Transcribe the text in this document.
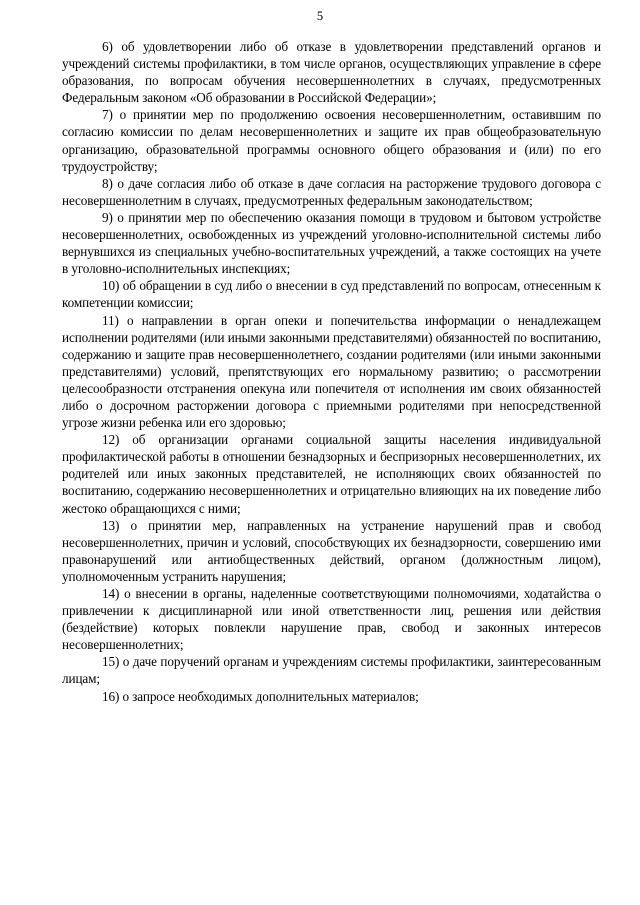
5

6) об удовлетворении либо об отказе в удовлетворении представлений органов и учреждений системы профилактики, в том числе органов, осуществляющих управление в сфере образования, по вопросам обучения несовершеннолетних в случаях, предусмотренных Федеральным законом «Об образовании в Российской Федерации»;

7) о принятии мер по продолжению освоения несовершеннолетним, оставившим по согласию комиссии по делам несовершеннолетних и защите их прав общеобразовательную организацию, образовательной программы основного общего образования и (или) по его трудоустройству;

8) о даче согласия либо об отказе в даче согласия на расторжение трудового договора с несовершеннолетним в случаях, предусмотренных федеральным законодательством;

9) о принятии мер по обеспечению оказания помощи в трудовом и бытовом устройстве несовершеннолетних, освобожденных из учреждений уголовно-исполнительной системы либо вернувшихся из специальных учебно-воспитательных учреждений, а также состоящих на учете в уголовно-исполнительных инспекциях;

10) об обращении в суд либо о внесении в суд представлений по вопросам, отнесенным к компетенции комиссии;

11) о направлении в орган опеки и попечительства информации о ненадлежащем исполнении родителями (или иными законными представителями) обязанностей по воспитанию, содержанию и защите прав несовершеннолетнего, создании родителями (или иными законными представителями) условий, препятствующих его нормальному развитию; о рассмотрении целесообразности отстранения опекуна или попечителя от исполнения им своих обязанностей либо о досрочном расторжении договора с приемными родителями при непосредственной угрозе жизни ребенка или его здоровью;

12) об организации органами социальной защиты населения индивидуальной профилактической работы в отношении безнадзорных и беспризорных несовершеннолетних, их родителей или иных законных представителей, не исполняющих своих обязанностей по воспитанию, содержанию несовершеннолетних и отрицательно влияющих на их поведение либо жестоко обращающихся с ними;

13) о принятии мер, направленных на устранение нарушений прав и свобод несовершеннолетних, причин и условий, способствующих их безнадзорности, совершению ими правонарушений или антиобщественных действий, органом (должностным лицом), уполномоченным устранить нарушения;

14) о внесении в органы, наделенные соответствующими полномочиями, ходатайства о привлечении к дисциплинарной или иной ответственности лиц, решения или действия (бездействие) которых повлекли нарушение прав, свобод и законных интересов несовершеннолетних;

15) о даче поручений органам и учреждениям системы профилактики, заинтересованным лицам;

16) о запросе необходимых дополнительных материалов;
